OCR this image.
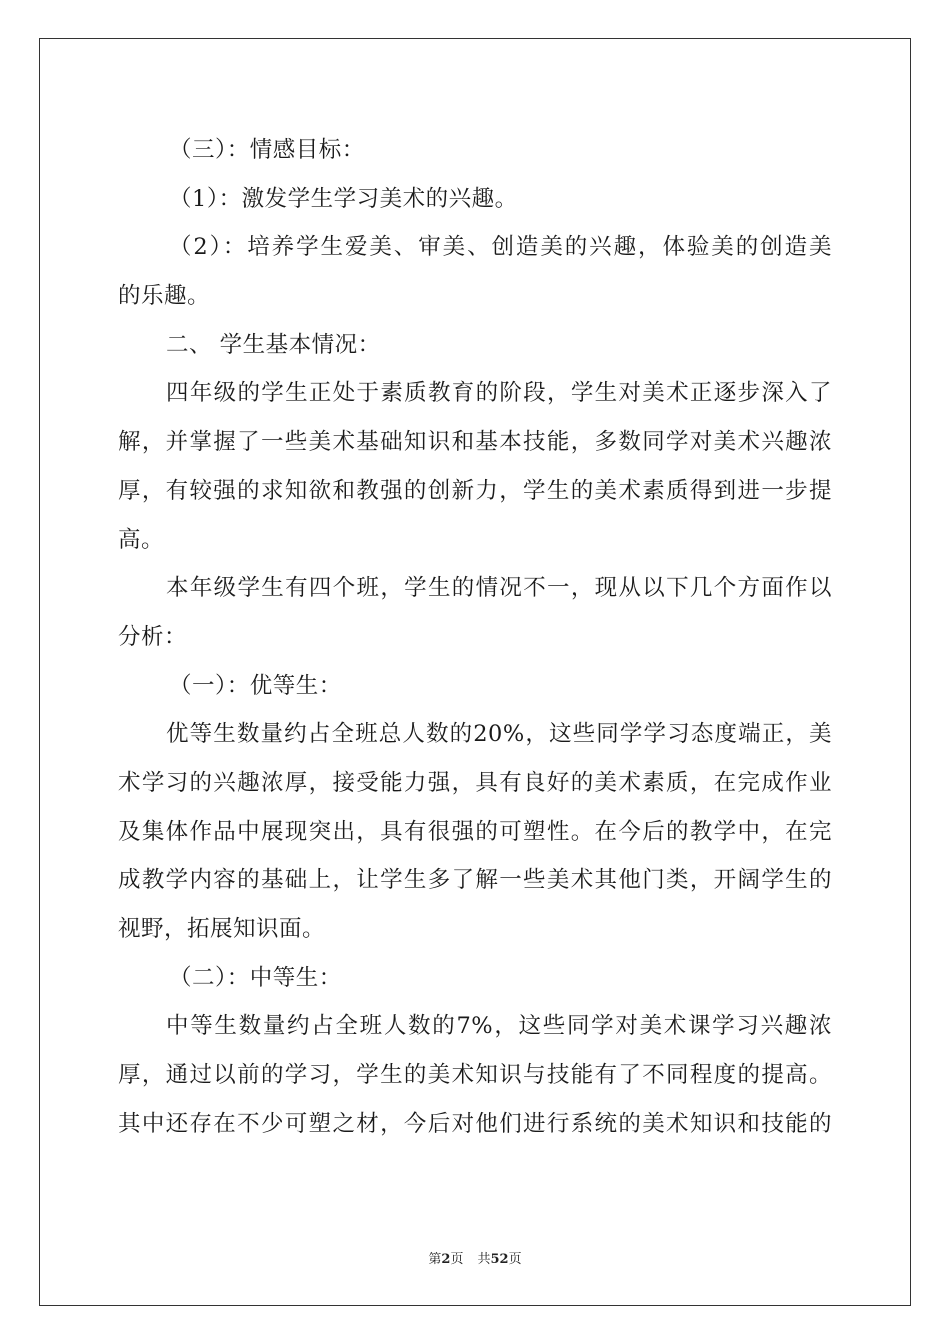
（三）：情感目标：
（1）：激发学生学习美术的兴趣。
（2）：培养学生爱美、审美、创造美的兴趣，体验美的创造美
的乐趣。
二、 学生基本情况：
四年级的学生正处于素质教育的阶段，学生对美术正逐步深入了
解，并掌握了一些美术基础知识和基本技能，多数同学对美术兴趣浓
厚，有较强的求知欲和教强的创新力，学生的美术素质得到进一步提
高。
本年级学生有四个班，学生的情况不一，现从以下几个方面作以
分析：
（一）：优等生：
优等生数量约占全班总人数的20%，这些同学学习态度端正，美
术学习的兴趣浓厚，接受能力强，具有良好的美术素质，在完成作业
及集体作品中展现突出，具有很强的可塑性。在今后的教学中，在完
成教学内容的基础上，让学生多了解一些美术其他门类，开阔学生的
视野，拓展知识面。
（二）：中等生：
中等生数量约占全班人数的7%，这些同学对美术课学习兴趣浓
厚，通过以前的学习，学生的美术知识与技能有了不同程度的提高。
其中还存在不少可塑之材，今后对他们进行系统的美术知识和技能的
第2页 共52页
